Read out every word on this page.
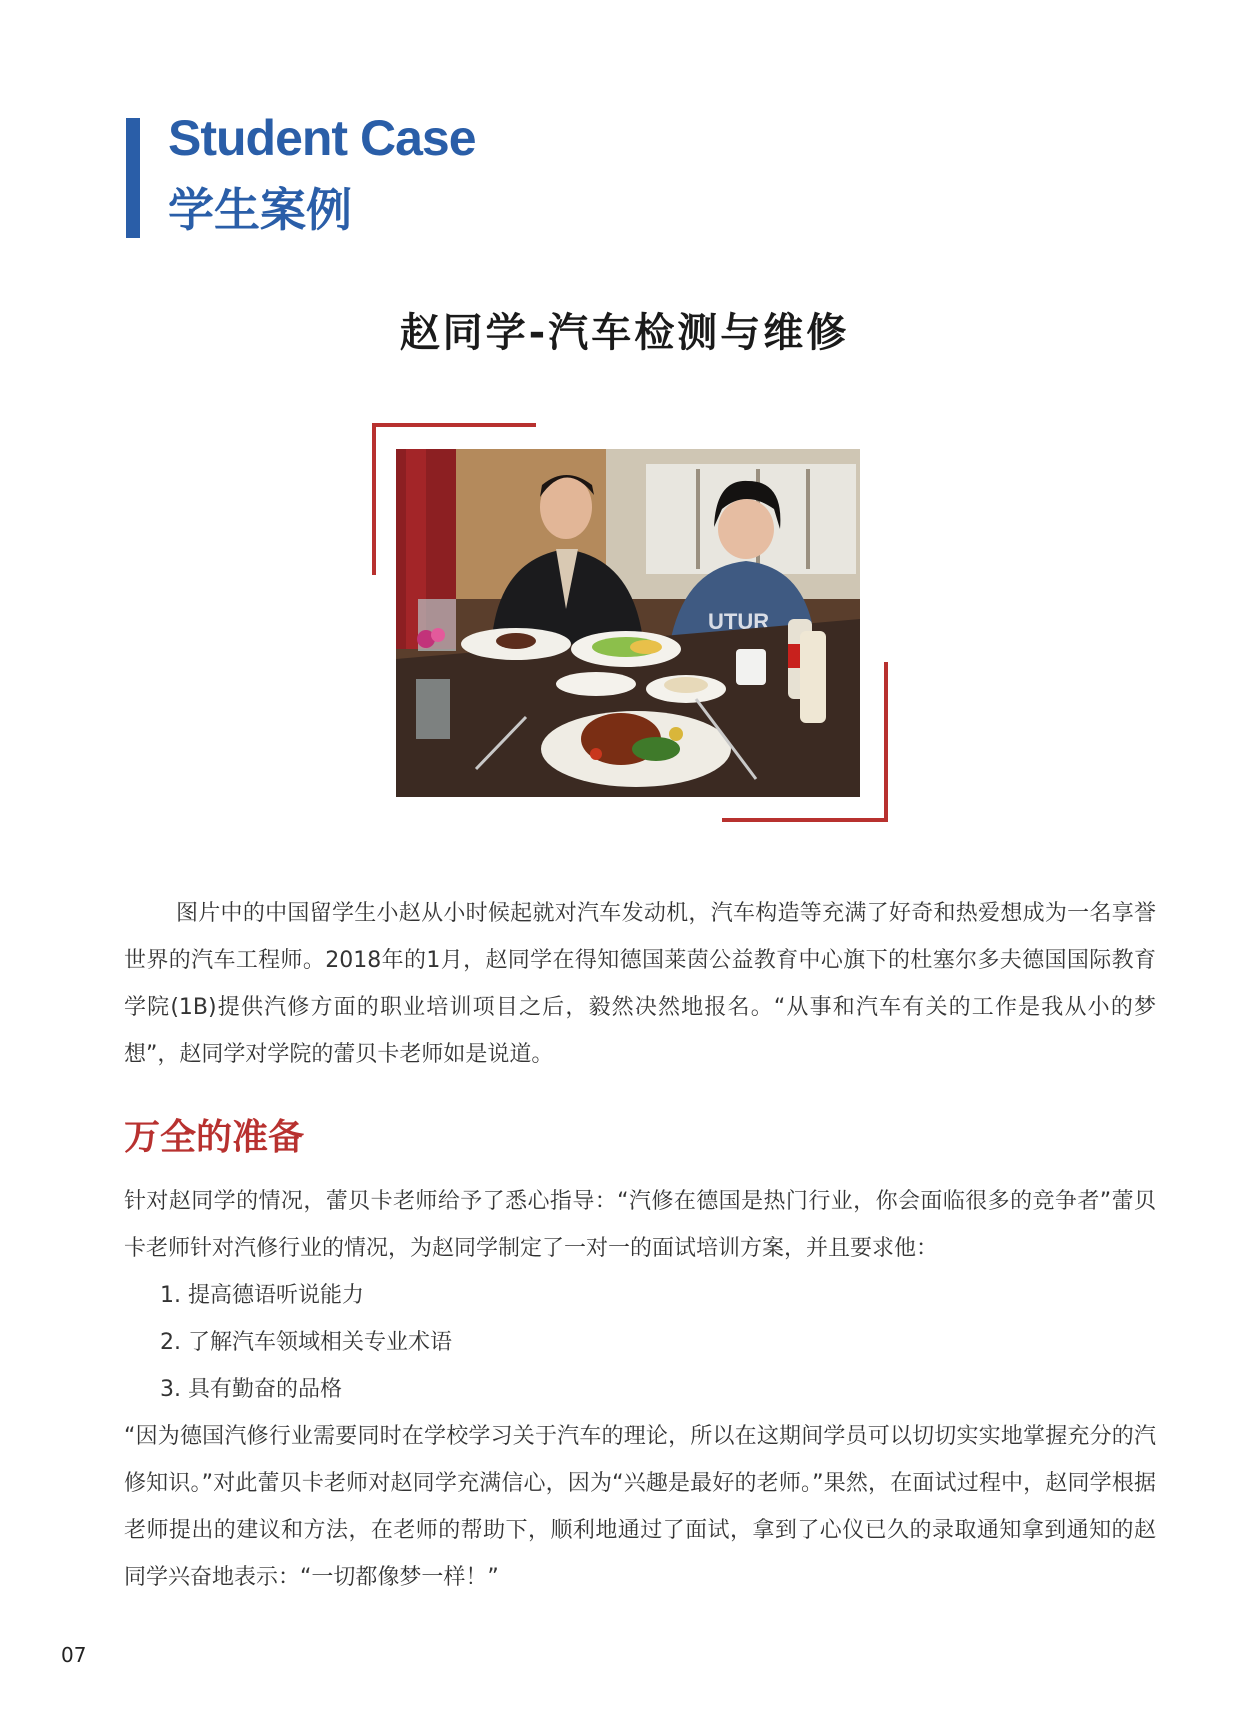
Student Case
学生案例
赵同学-汽车检测与维修
UTUR

图片中的中国留学生小赵从小时候起就对汽车发动机，汽车构造等充满了好奇和热爱想成为一名享誉世界的汽车工程师。2018年的1月，赵同学在得知德国莱茵公益教育中心旗下的杜塞尔多夫德国国际教育学院(1B)提供汽修方面的职业培训项目之后，毅然决然地报名。“从事和汽车有关的工作是我从小的梦想”，赵同学对学院的蕾贝卡老师如是说道。

万全的准备

针对赵同学的情况，蕾贝卡老师给予了悉心指导：“汽修在德国是热门行业，你会面临很多的竞争者”蕾贝卡老师针对汽修行业的情况，为赵同学制定了一对一的面试培训方案，并且要求他：

1. 提高德语听说能力
2. 了解汽车领域相关专业术语
3. 具有勤奋的品格

“因为德国汽修行业需要同时在学校学习关于汽车的理论，所以在这期间学员可以切切实实地掌握充分的汽修知识。”对此蕾贝卡老师对赵同学充满信心，因为“兴趣是最好的老师。”果然，在面试过程中，赵同学根据老师提出的建议和方法，在老师的帮助下，顺利地通过了面试，拿到了心仪已久的录取通知拿到通知的赵同学兴奋地表示：“一切都像梦一样！”

07
